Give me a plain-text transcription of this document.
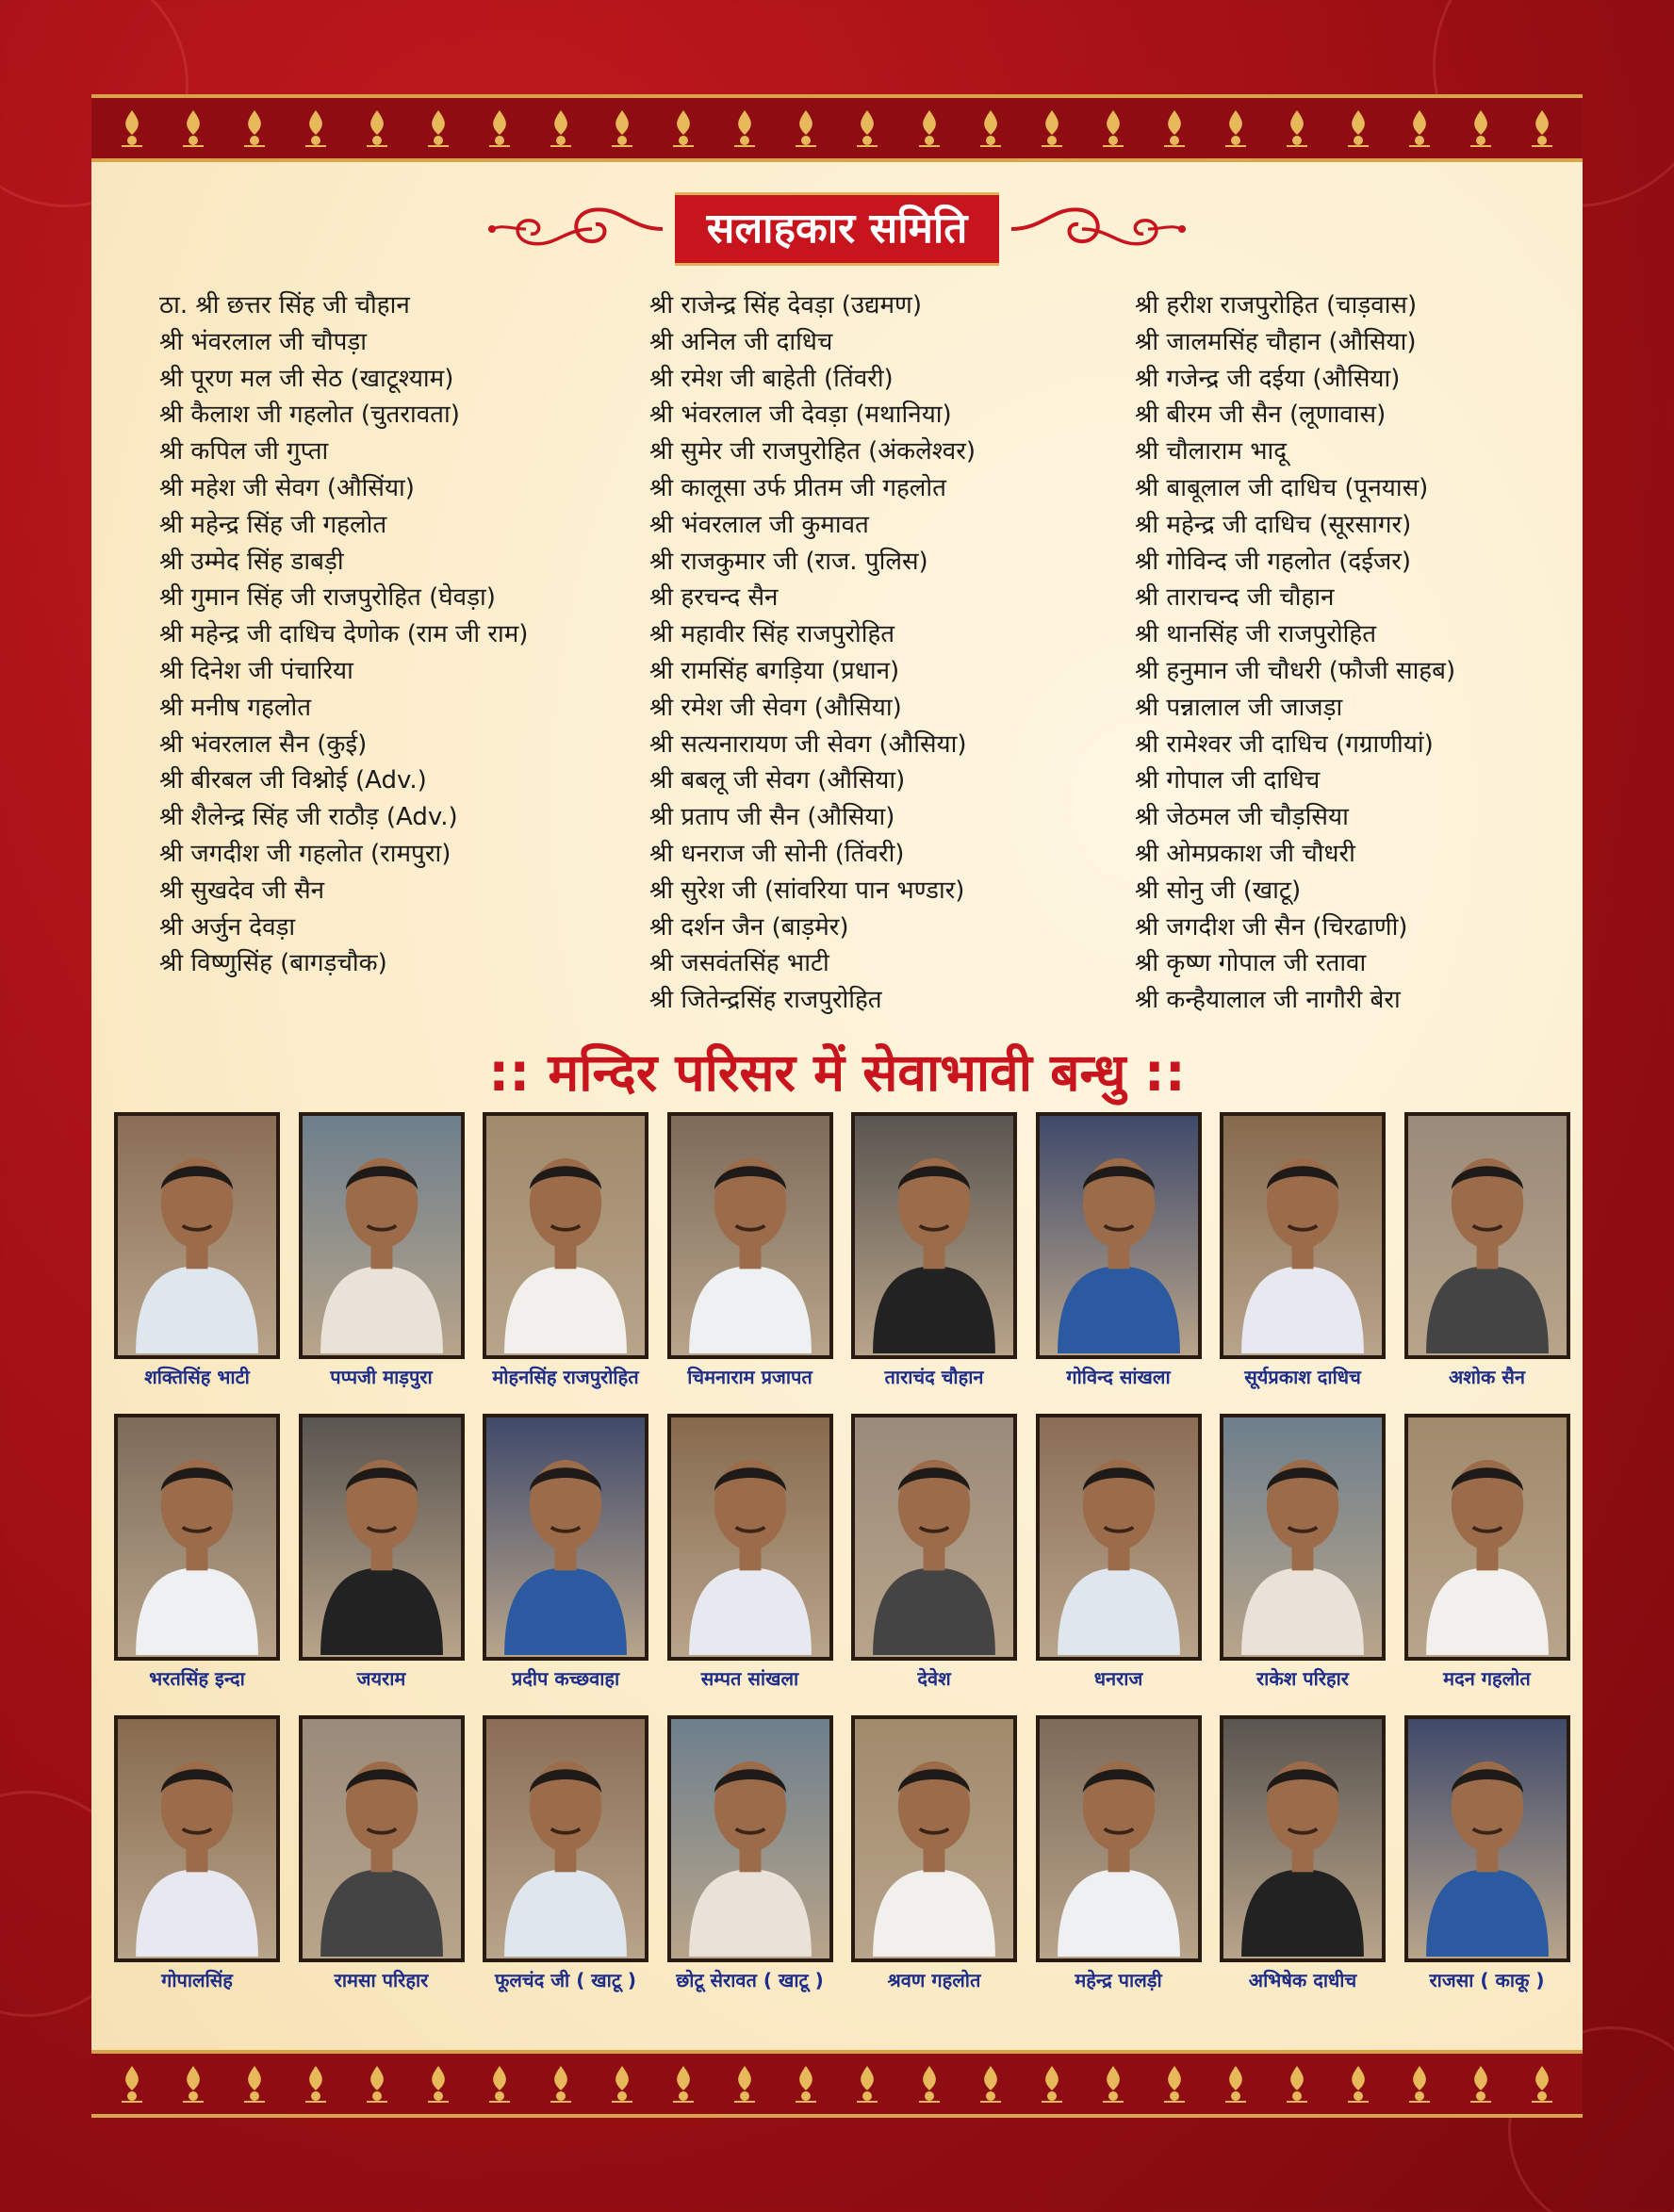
सलाहकार समिति
ठा. श्री छत्तर सिंह जी चौहान
श्री भंवरलाल जी चौपड़ा
श्री पूरण मल जी सेठ (खाटूश्याम)
श्री कैलाश जी गहलोत (चुतरावता)
श्री कपिल जी गुप्ता
श्री महेश जी सेवग (औसिंया)
श्री महेन्द्र सिंह जी गहलोत
श्री उम्मेद सिंह डाबड़ी
श्री गुमान सिंह जी राजपुरोहित (घेवड़ा)
श्री महेन्द्र जी दाधिच देणोक (राम जी राम)
श्री दिनेश जी पंचारिया
श्री मनीष गहलोत
श्री भंवरलाल सैन (कुई)
श्री बीरबल जी विश्नोई (Adv.)
श्री शैलेन्द्र सिंह जी राठौड़ (Adv.)
श्री जगदीश जी गहलोत (रामपुरा)
श्री सुखदेव जी सैन
श्री अर्जुन देवड़ा
श्री विष्णुसिंह (बागड़चौक)
श्री राजेन्द्र सिंह देवड़ा (उद्यमण)
श्री अनिल जी दाधिच
श्री रमेश जी बाहेती (तिंवरी)
श्री भंवरलाल जी देवड़ा (मथानिया)
श्री सुमेर जी राजपुरोहित (अंकलेश्वर)
श्री कालूसा उर्फ प्रीतम जी गहलोत
श्री भंवरलाल जी कुमावत
श्री राजकुमार जी (राज. पुलिस)
श्री हरचन्द सैन
श्री महावीर सिंह राजपुरोहित
श्री रामसिंह बगड़िया (प्रधान)
श्री रमेश जी सेवग (औसिया)
श्री सत्यनारायण जी सेवग (औसिया)
श्री बबलू जी सेवग (औसिया)
श्री प्रताप जी सैन (औसिया)
श्री धनराज जी सोनी (तिंवरी)
श्री सुरेश जी (सांवरिया पान भण्डार)
श्री दर्शन जैन (बाड़मेर)
श्री जसवंतसिंह भाटी
श्री जितेन्द्रसिंह राजपुरोहित
श्री हरीश राजपुरोहित (चाड़वास)
श्री जालमसिंह चौहान (औसिया)
श्री गजेन्द्र जी दईया (औसिया)
श्री बीरम जी सैन (लूणावास)
श्री चौलाराम भादू
श्री बाबूलाल जी दाधिच (पूनयास)
श्री महेन्द्र जी दाधिच (सूरसागर)
श्री गोविन्द जी गहलोत (दईजर)
श्री ताराचन्द जी चौहान
श्री थानसिंह जी राजपुरोहित
श्री हनुमान जी चौधरी (फौजी साहब)
श्री पन्नालाल जी जाजड़ा
श्री रामेश्वर जी दाधिच (गग्राणीयां)
श्री गोपाल जी दाधिच
श्री जेठमल जी चौड़सिया
श्री ओमप्रकाश जी चौधरी
श्री सोनु जी (खाटू)
श्री जगदीश जी सैन (चिरढाणी)
श्री कृष्ण गोपाल जी रतावा
श्री कन्हैयालाल जी नागौरी बेरा
:: मन्दिर परिसर में सेवाभावी बन्धु ::
शक्तिसिंह भाटी	पप्पजी माड़पुरा	मोहनसिंह राजपुरोहित	चिमनाराम प्रजापत	ताराचंद चौहान	गोविन्द सांखला	सूर्यप्रकाश दाधिच	अशोक सैन
भरतसिंह इन्दा	जयराम	प्रदीप कच्छवाहा	सम्पत सांखला	देवेश	धनराज	राकेश परिहार	मदन गहलोत
गोपालसिंह	रामसा परिहार	फूलचंद जी ( खाटू )	छोटू सेरावत ( खाटू )	श्रवण गहलोत	महेन्द्र पालड़ी	अभिषेक दाधीच	राजसा ( काकू )
